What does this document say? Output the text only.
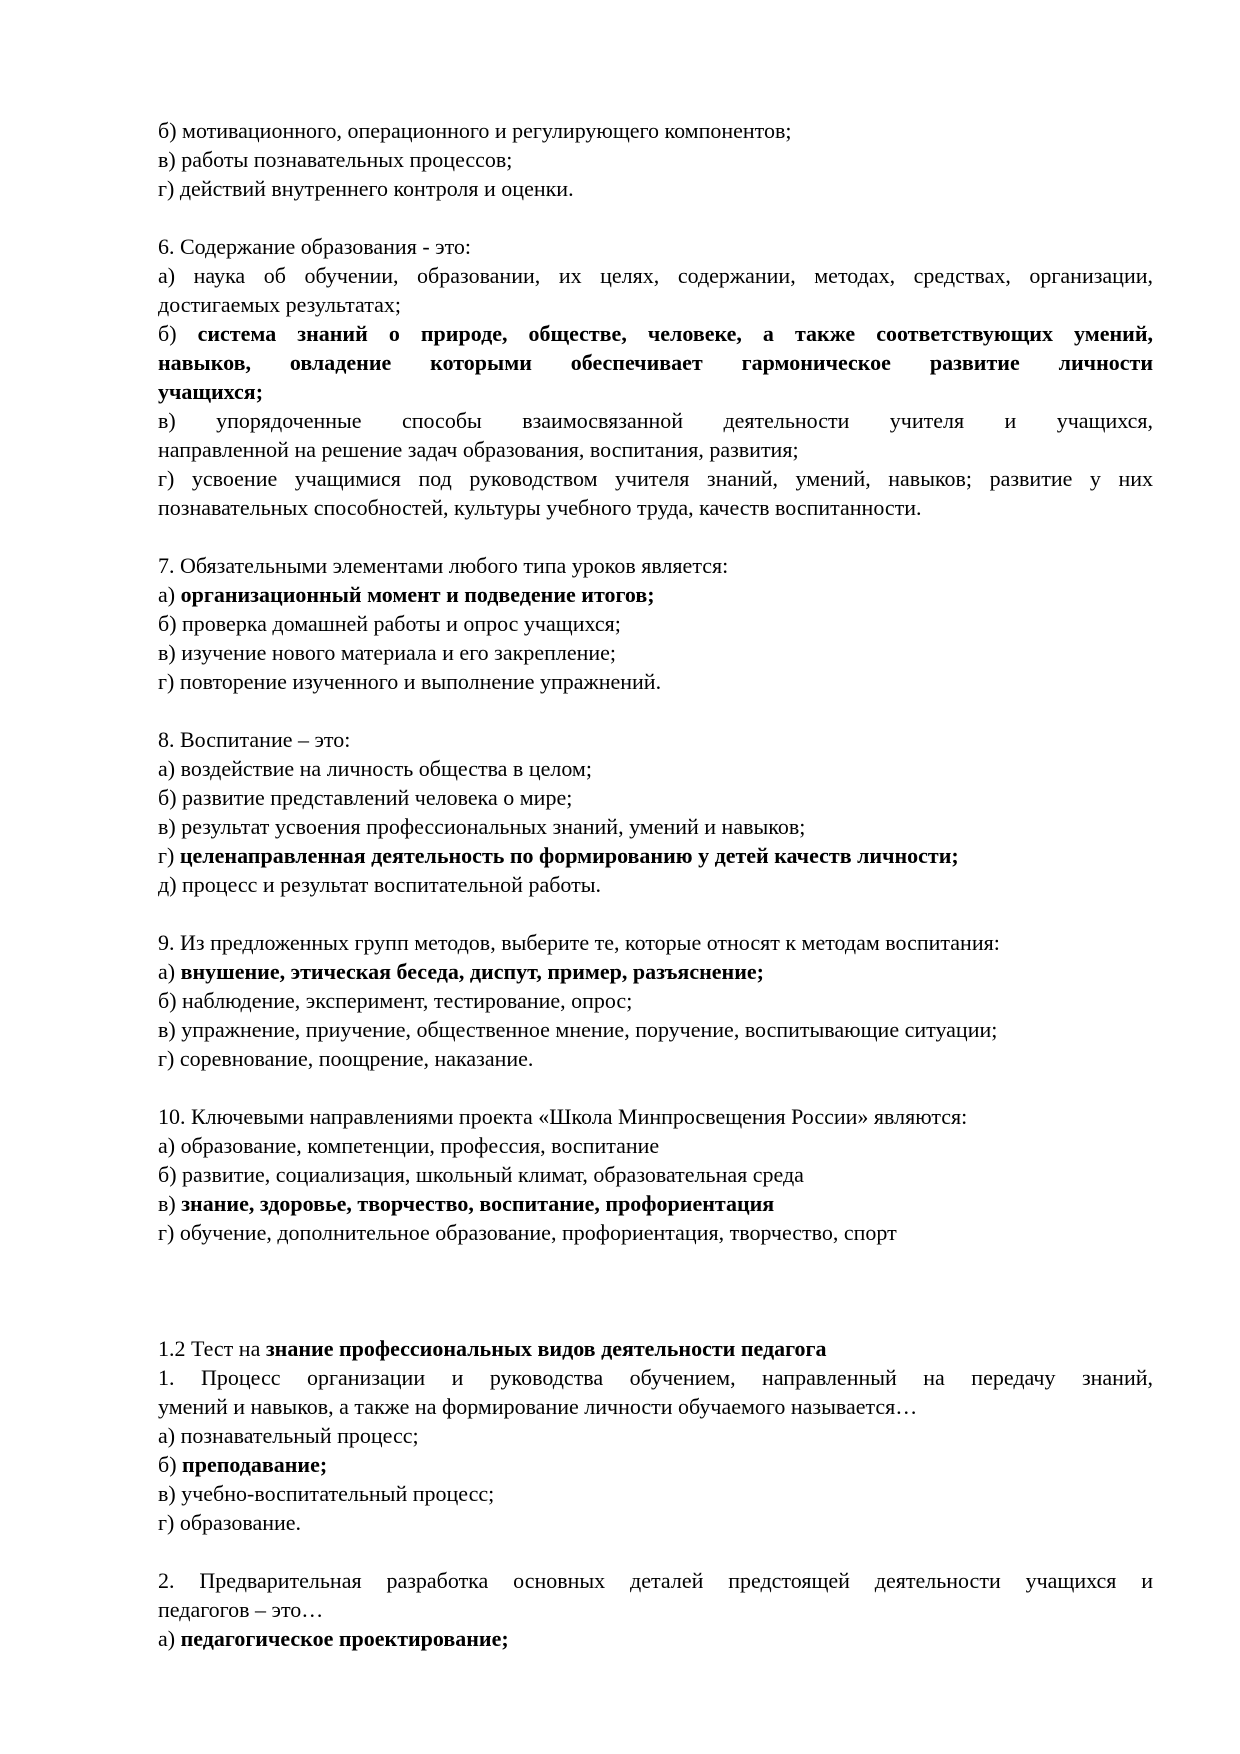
б) мотивационного, операционного и регулирующего компонентов;
в) работы познавательных процессов;
г) действий внутреннего контроля и оценки.
6. Содержание образования - это:
а) наука об обучении, образовании, их целях, содержании, методах, средствах, организации,
достигаемых результатах;
б) система знаний о природе, обществе, человеке, а также соответствующих умений,
навыков, овладение которыми обеспечивает гармоническое развитие личности
учащихся;
в) упорядоченные способы взаимосвязанной деятельности учителя и учащихся,
направленной на решение задач образования, воспитания, развития;
г) усвоение учащимися под руководством учителя знаний, умений, навыков; развитие у них
познавательных способностей, культуры учебного труда, качеств воспитанности.
7. Обязательными элементами любого типа уроков является:
а) организационный момент и подведение итогов;
б) проверка домашней работы и опрос учащихся;
в) изучение нового материала и его закрепление;
г) повторение изученного и выполнение упражнений.
8. Воспитание – это:
а) воздействие на личность общества в целом;
б) развитие представлений человека о мире;
в) результат усвоения профессиональных знаний, умений и навыков;
г) целенаправленная деятельность по формированию у детей качеств личности;
д) процесс и результат воспитательной работы.
9. Из предложенных групп методов, выберите те, которые относят к методам воспитания:
а) внушение, этическая беседа, диспут, пример, разъяснение;
б) наблюдение, эксперимент, тестирование, опрос;
в) упражнение, приучение, общественное мнение, поручение, воспитывающие ситуации;
г) соревнование, поощрение, наказание.
10. Ключевыми направлениями проекта «Школа Минпросвещения России» являются:
а) образование, компетенции, профессия, воспитание
б) развитие, социализация, школьный климат, образовательная среда
в) знание, здоровье, творчество, воспитание, профориентация
г) обучение, дополнительное образование, профориентация, творчество, спорт
1.2 Тест на знание профессиональных видов деятельности педагога
1. Процесс организации и руководства обучением, направленный на передачу знаний,
умений и навыков, а также на формирование личности обучаемого называется…
а) познавательный процесс;
б) преподавание;
в) учебно-воспитательный процесс;
г) образование.
2. Предварительная разработка основных деталей предстоящей деятельности учащихся и
педагогов – это…
а) педагогическое проектирование;
